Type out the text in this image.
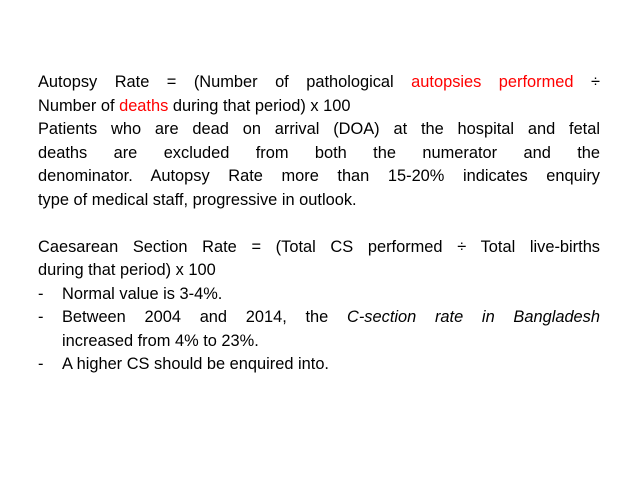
Autopsy Rate = (Number of pathological autopsies performed ÷
Number of deaths during that period) x 100
Patients who are dead on arrival (DOA) at the hospital and fetal
deaths are excluded from both the numerator and the
denominator. Autopsy Rate more than 15-20% indicates enquiry
type of medical staff, progressive in outlook.
Caesarean Section Rate = (Total CS performed ÷ Total live-births
during that period) x 100
- Normal value is 3-4%.
- Between 2004 and 2014, the C-section rate in Bangladesh
increased from 4% to 23%.
- A higher CS should be enquired into.
